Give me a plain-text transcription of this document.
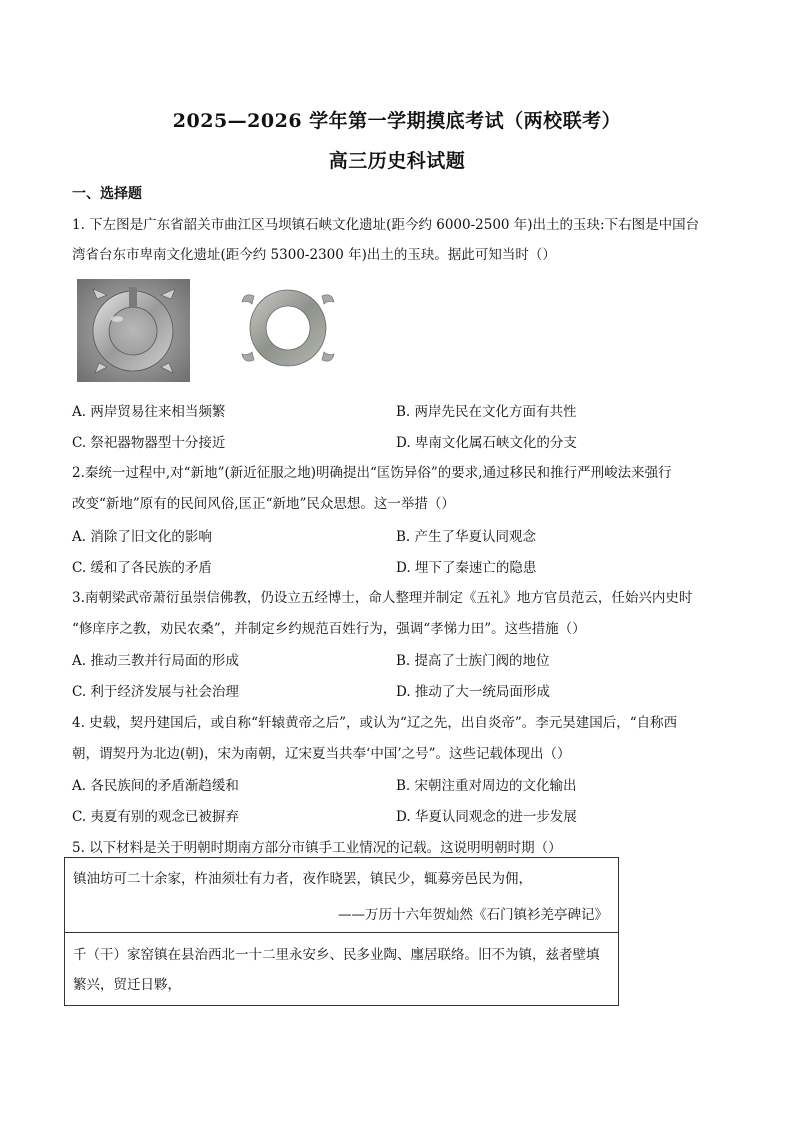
2025—2026 学年第一学期摸底考试（两校联考）
高三历史科试题
一、选择题
1. 下左图是广东省韶关市曲江区马坝镇石峡文化遗址(距今约 6000-2500 年)出土的玉玦:下右图是中国台
湾省台东市卑南文化遗址(距今约 5300-2300 年)出土的玉玦。据此可知当时（）
A. 两岸贸易往来相当频繁	B. 两岸先民在文化方面有共性
C. 祭祀器物器型十分接近	D. 卑南文化属石峡文化的分支
2.秦统一过程中,对“新地”(新近征服之地)明确提出“匡饬异俗”的要求,通过移民和推行严刑峻法来强行
改变“新地”原有的民间风俗,匡正“新地”民众思想。这一举措（）
A. 消除了旧文化的影响	B. 产生了华夏认同观念
C. 缓和了各民族的矛盾	D. 埋下了秦速亡的隐患
3.南朝梁武帝萧衍虽崇信佛教，仍设立五经博士，命人整理并制定《五礼》地方官员范云，任始兴内史时
“修庠序之教，劝民农桑”，并制定乡约规范百姓行为，强调“孝悌力田”。这些措施（）
A. 推动三教并行局面的形成	B. 提高了士族门阀的地位
C. 利于经济发展与社会治理	D. 推动了大一统局面形成
4. 史载，契丹建国后，或自称“轩辕黄帝之后”，或认为“辽之先，出自炎帝”。李元昊建国后，“自称西
朝，谓契丹为北边(朝)，宋为南朝，辽宋夏当共奉‘中国’之号”。这些记载体现出（）
A. 各民族间的矛盾渐趋缓和	B. 宋朝注重对周边的文化输出
C. 夷夏有别的观念已被摒弃	D. 华夏认同观念的进一步发展
5. 以下材料是关于明朝时期南方部分市镇手工业情况的记载。这说明明朝时期（）
镇油坊可二十余家，杵油须壮有力者，夜作晓罢，镇民少，辄募旁邑民为佣，
——万历十六年贺灿然《石门镇衫羌亭碑记》
千（干）家窑镇在县治西北一十二里永安乡、民多业陶、廛居联络。旧不为镇，兹者壁填
繁兴，贸迁日夥，
